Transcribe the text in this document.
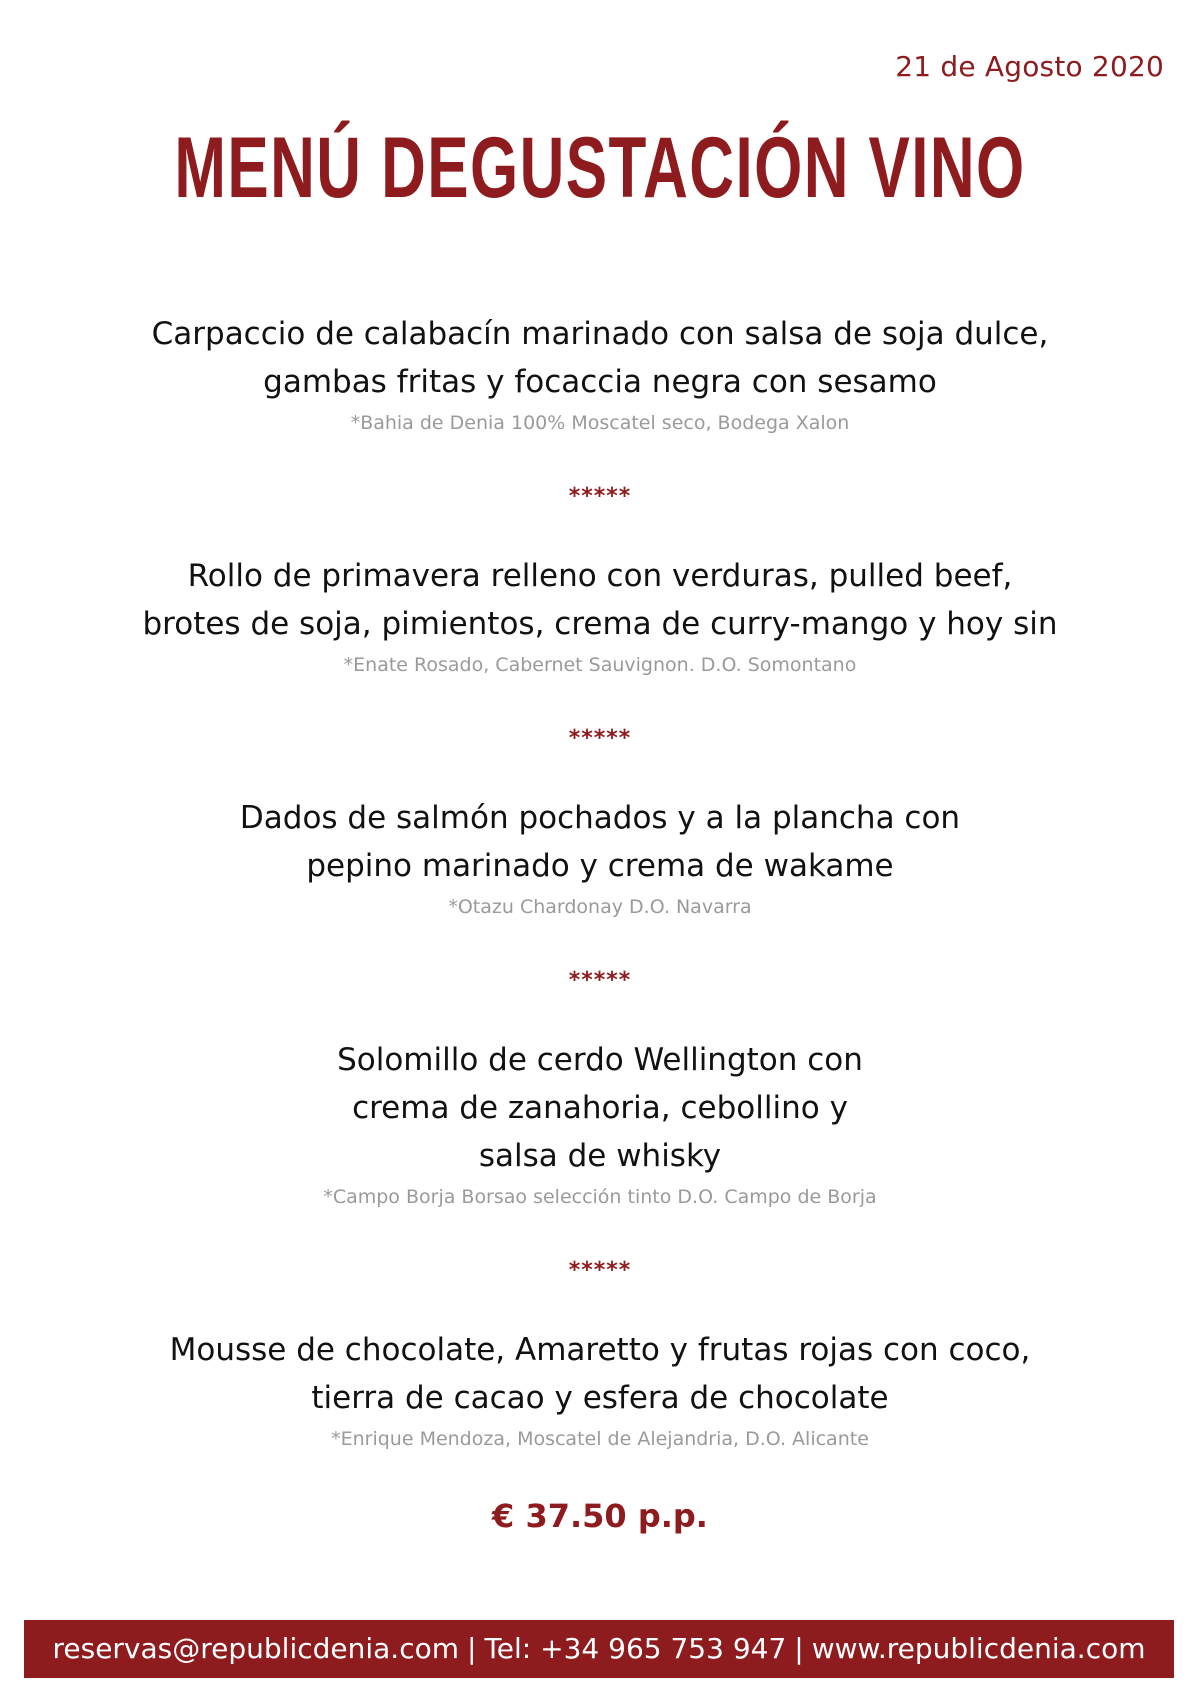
21 de Agosto 2020
MENÚ DEGUSTACIÓN VINO
Carpaccio de calabacín marinado con salsa de soja dulce,
gambas fritas y focaccia negra con sesamo
*Bahia de Denia 100% Moscatel seco, Bodega Xalon
*****
Rollo de primavera relleno con verduras, pulled beef,
brotes de soja, pimientos, crema de curry-mango y hoy sin
*Enate Rosado, Cabernet Sauvignon. D.O. Somontano
*****
Dados de salmón pochados y a la plancha con
pepino marinado y crema de wakame
*Otazu Chardonay D.O. Navarra
*****
Solomillo de cerdo Wellington con
crema de zanahoria, cebollino y
salsa de whisky
*Campo Borja Borsao selección tinto D.O. Campo de Borja
*****
Mousse de chocolate, Amaretto y frutas rojas con coco,
tierra de cacao y esfera de chocolate
*Enrique Mendoza, Moscatel de Alejandria, D.O. Alicante
€ 37.50 p.p.
reservas@republicdenia.com | Tel: +34 965 753 947 | www.republicdenia.com
